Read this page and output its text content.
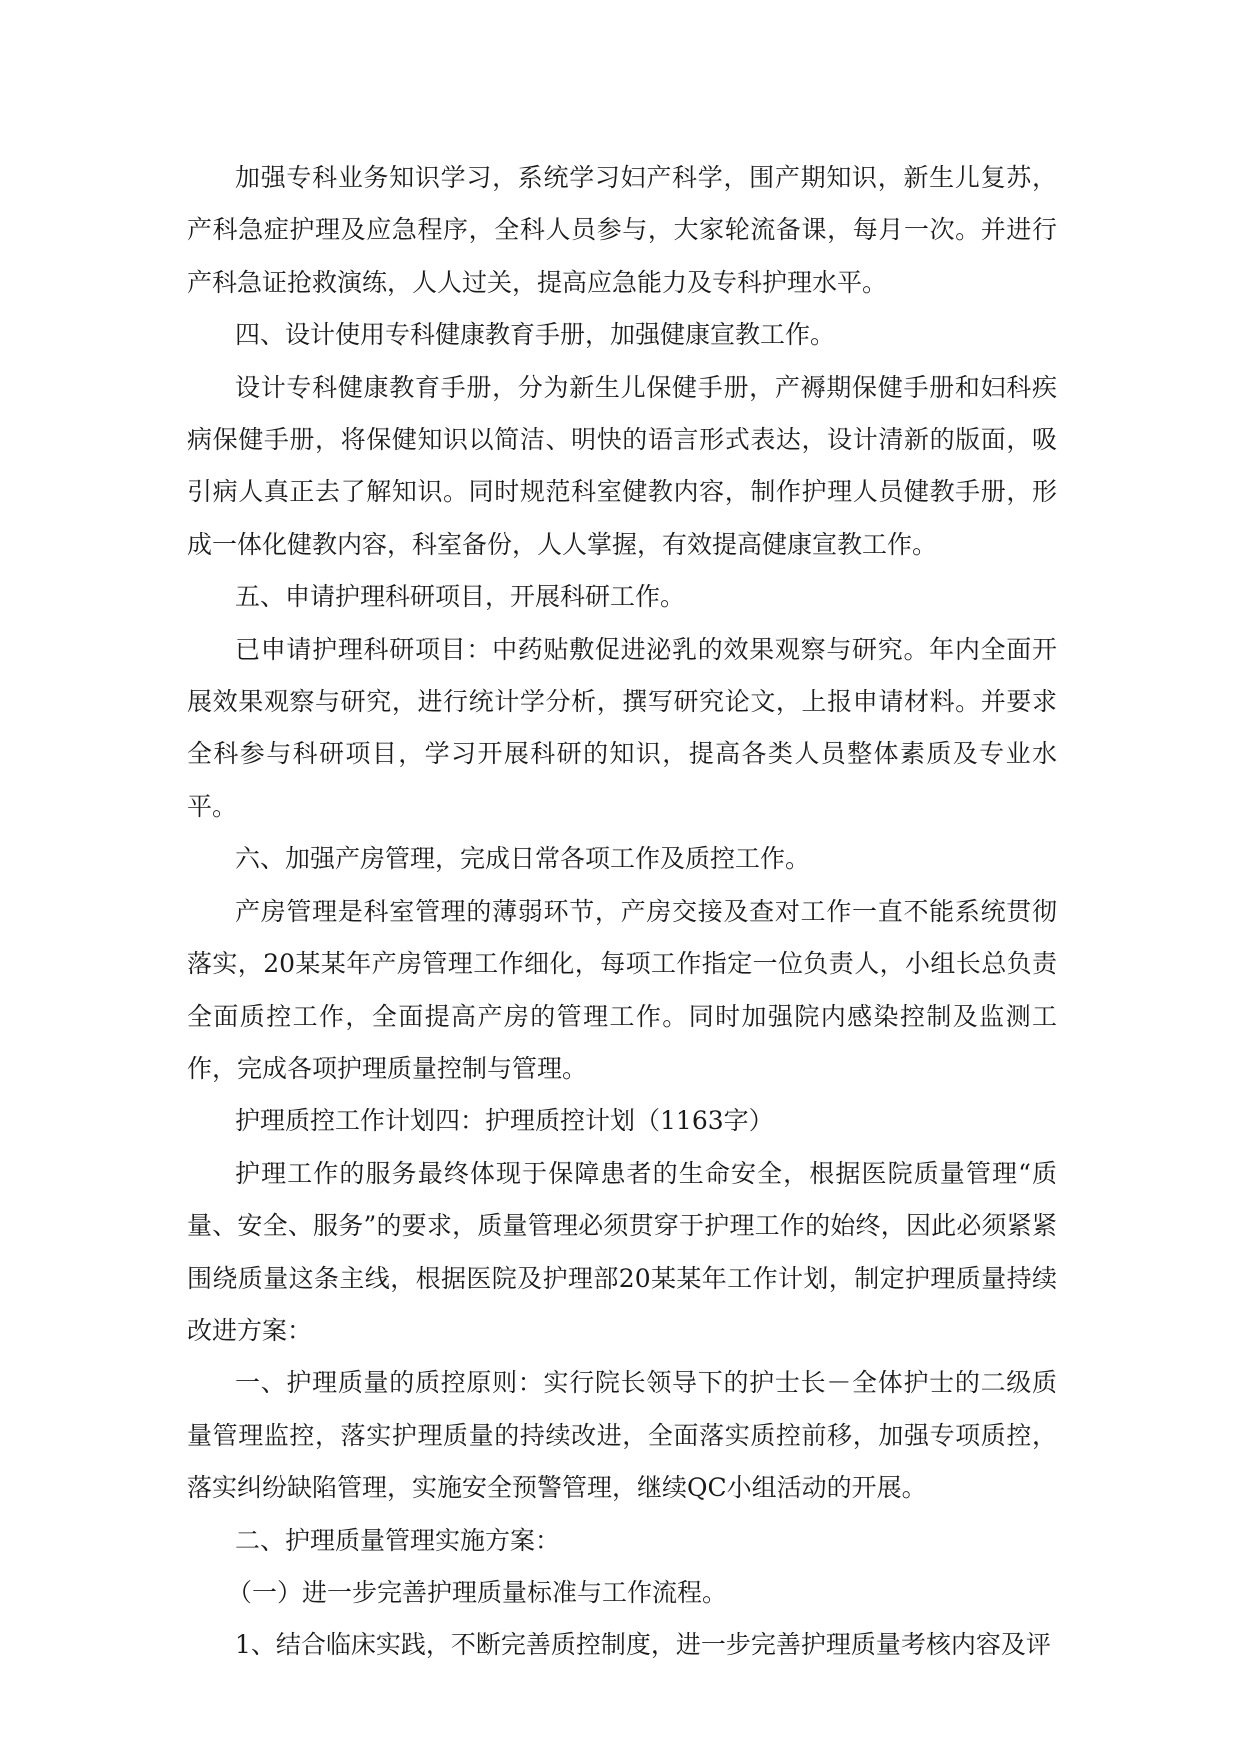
加强专科业务知识学习，系统学习妇产科学，围产期知识，新生儿复苏，产科急症护理及应急程序，全科人员参与，大家轮流备课，每月一次。并进行产科急证抢救演练，人人过关，提高应急能力及专科护理水平。

四、设计使用专科健康教育手册，加强健康宣教工作。

设计专科健康教育手册，分为新生儿保健手册，产褥期保健手册和妇科疾病保健手册，将保健知识以简洁、明快的语言形式表达，设计清新的版面，吸引病人真正去了解知识。同时规范科室健教内容，制作护理人员健教手册，形成一体化健教内容，科室备份，人人掌握，有效提高健康宣教工作。

五、申请护理科研项目，开展科研工作。

已申请护理科研项目：中药贴敷促进泌乳的效果观察与研究。年内全面开展效果观察与研究，进行统计学分析，撰写研究论文，上报申请材料。并要求全科参与科研项目，学习开展科研的知识，提高各类人员整体素质及专业水平。

六、加强产房管理，完成日常各项工作及质控工作。

产房管理是科室管理的薄弱环节，产房交接及查对工作一直不能系统贯彻落实，20某某年产房管理工作细化，每项工作指定一位负责人，小组长总负责全面质控工作，全面提高产房的管理工作。同时加强院内感染控制及监测工作，完成各项护理质量控制与管理。

护理质控工作计划四：护理质控计划（1163字）

护理工作的服务最终体现于保障患者的生命安全，根据医院质量管理“质量、安全、服务”的要求，质量管理必须贯穿于护理工作的始终，因此必须紧紧围绕质量这条主线，根据医院及护理部20某某年工作计划，制定护理质量持续改进方案：

一、护理质量的质控原则：实行院长领导下的护士长－全体护士的二级质量管理监控，落实护理质量的持续改进，全面落实质控前移，加强专项质控，落实纠纷缺陷管理，实施安全预警管理，继续QC小组活动的开展。

二、护理质量管理实施方案：

（一）进一步完善护理质量标准与工作流程。

1、结合临床实践，不断完善质控制度，进一步完善护理质量考核内容及评
